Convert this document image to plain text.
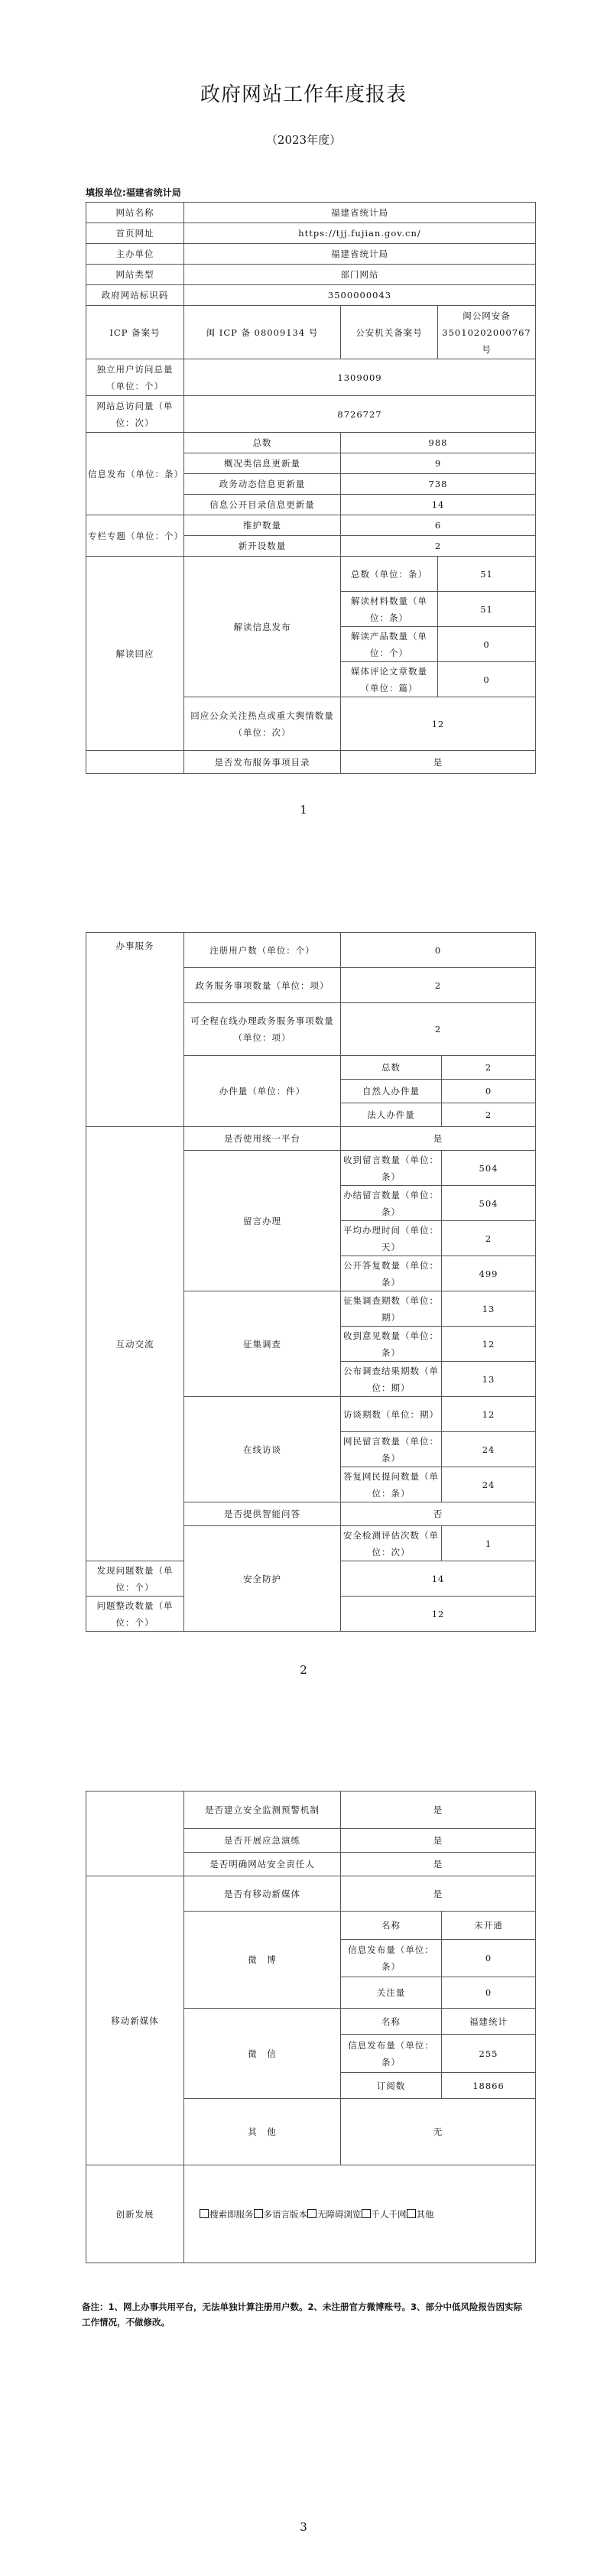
政府网站工作年度报表
（2023年度）
填报单位:福建省统计局
网站名称	福建省统计局		
首页网址	https://tjj.fujian.gov.cn/		
主办单位	福建省统计局		
网站类型	部门网站		
政府网站标识码	3500000043		
ICP 备案号	闽 ICP 备 08009134 号	公安机关备案号	闽公网安备35010202000767 号
独立用户访问总量（单位：个）	1309009		
网站总访问量（单位：次）	8726727		
信息发布（单位：条）	总数	988	
	概况类信息更新量	9	
	政务动态信息更新量	738	
	信息公开目录信息更新量	14	
专栏专题（单位：个）	维护数量	6	
	新开设数量	2	
解读回应	解读信息发布	总数（单位：条）	51
		解读材料数量（单位：条）	51
		解读产品数量（单位：个）	0
		媒体评论文章数量（单位：篇）	0
	回应公众关注热点或重大舆情数量（单位：次）	12	
	是否发布服务事项目录	是	
1
办事服务	注册用户数（单位：个）	0	
	政务服务事项数量（单位：项）	2	
	可全程在线办理政务服务事项数量（单位：项）	2	
	办件量（单位：件）	总数	2
		自然人办件量	0
		法人办件量	2
互动交流	是否使用统一平台	是	
	留言办理	收到留言数量（单位：条）	504
		办结留言数量（单位：条）	504
		平均办理时间（单位：天）	2
		公开答复数量（单位：条）	499
	征集调查	征集调查期数（单位：期）	13
		收到意见数量（单位：条）	12
		公布调查结果期数（单位：期）	13
	在线访谈	访谈期数（单位：期）	12
		网民留言数量（单位：条）	24
		答复网民提问数量（单位：条）	24
	是否提供智能问答	否	
	安全防护	安全检测评估次数（单位：次）	1
发现问题数量（单位：个）		14	
问题整改数量（单位：个）		12	
2
	是否建立安全监测预警机制	是	
	是否开展应急演练	是	
	是否明确网站安全责任人	是	
移动新媒体	是否有移动新媒体	是	
	微　博	名称	未开通
		信息发布量（单位：条）	0
		关注量	0
	微　信	名称	福建统计
		信息发布量（单位：条）	255
		订阅数	18866
	其　他	无	
创新发展	搜索即服务 多语言版本 无障碍浏览 千人千网 其他		
备注：1、网上办事共用平台，无法单独计算注册用户数。2、未注册官方微博账号。3、部分中低风险报告因实际工作情况，不做修改。
3
